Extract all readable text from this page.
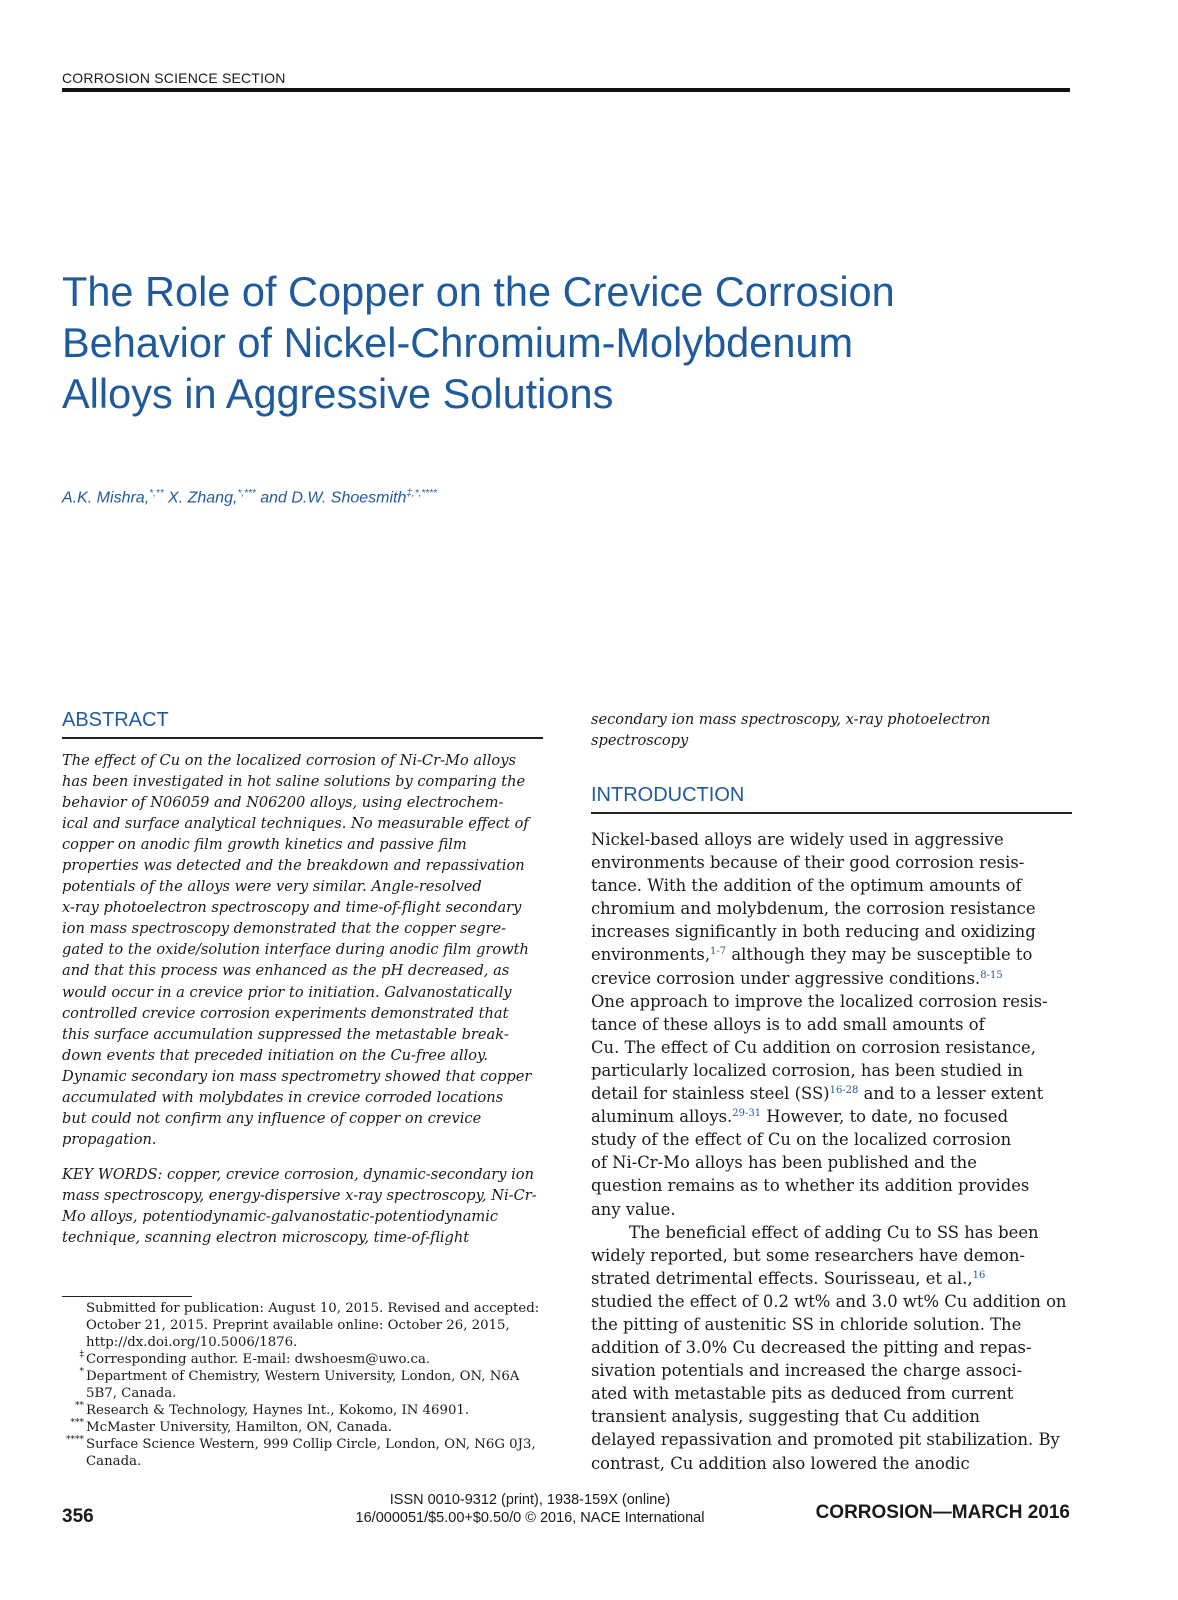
CORROSION SCIENCE SECTION
The Role of Copper on the Crevice Corrosion
Behavior of Nickel-Chromium-Molybdenum
Alloys in Aggressive Solutions
A.K. Mishra,*,** X. Zhang,*,*** and D.W. Shoesmith‡,*,****
ABSTRACT
The effect of Cu on the localized corrosion of Ni-Cr-Mo alloys
has been investigated in hot saline solutions by comparing the
behavior of N06059 and N06200 alloys, using electrochem-
ical and surface analytical techniques. No measurable effect of
copper on anodic film growth kinetics and passive film
properties was detected and the breakdown and repassivation
potentials of the alloys were very similar. Angle-resolved
x-ray photoelectron spectroscopy and time-of-flight secondary
ion mass spectroscopy demonstrated that the copper segre-
gated to the oxide/solution interface during anodic film growth
and that this process was enhanced as the pH decreased, as
would occur in a crevice prior to initiation. Galvanostatically
controlled crevice corrosion experiments demonstrated that
this surface accumulation suppressed the metastable break-
down events that preceded initiation on the Cu-free alloy.
Dynamic secondary ion mass spectrometry showed that copper
accumulated with molybdates in crevice corroded locations
but could not confirm any influence of copper on crevice
propagation.
KEY WORDS: copper, crevice corrosion, dynamic-secondary ion
mass spectroscopy, energy-dispersive x-ray spectroscopy, Ni-Cr-
Mo alloys, potentiodynamic-galvanostatic-potentiodynamic
technique, scanning electron microscopy, time-of-flight
Submitted for publication: August 10, 2015. Revised and accepted:
October 21, 2015. Preprint available online: October 26, 2015,
http://dx.doi.org/10.5006/1876.
‡ Corresponding author. E-mail: dwshoesm@uwo.ca.
* Department of Chemistry, Western University, London, ON, N6A
5B7, Canada.
** Research & Technology, Haynes Int., Kokomo, IN 46901.
*** McMaster University, Hamilton, ON, Canada.
**** Surface Science Western, 999 Collip Circle, London, ON, N6G 0J3,
Canada.
secondary ion mass spectroscopy, x-ray photoelectron
spectroscopy
INTRODUCTION
Nickel-based alloys are widely used in aggressive
environments because of their good corrosion resis-
tance. With the addition of the optimum amounts of
chromium and molybdenum, the corrosion resistance
increases significantly in both reducing and oxidizing
environments,$^{1-7}$ although they may be susceptible to
crevice corrosion under aggressive conditions.$^{8-15}$
One approach to improve the localized corrosion resis-
tance of these alloys is to add small amounts of
Cu. The effect of Cu addition on corrosion resistance,
particularly localized corrosion, has been studied in
detail for stainless steel (SS)$^{16-28}$ and to a lesser extent
aluminum alloys.$^{29-31}$ However, to date, no focused
study of the effect of Cu on the localized corrosion
of Ni-Cr-Mo alloys has been published and the
question remains as to whether its addition provides
any value.
The beneficial effect of adding Cu to SS has been
widely reported, but some researchers have demon-
strated detrimental effects. Sourisseau, et al.,$^{16}$
studied the effect of 0.2 wt% and 3.0 wt% Cu addition on
the pitting of austenitic SS in chloride solution. The
addition of 3.0% Cu decreased the pitting and repas-
sivation potentials and increased the charge associ-
ated with metastable pits as deduced from current
transient analysis, suggesting that Cu addition
delayed repassivation and promoted pit stabilization. By
contrast, Cu addition also lowered the anodic
356
ISSN 0010-9312 (print), 1938-159X (online)
16/000051/$5.00+$0.50/0 © 2016, NACE International	CORROSION—MARCH 2016
